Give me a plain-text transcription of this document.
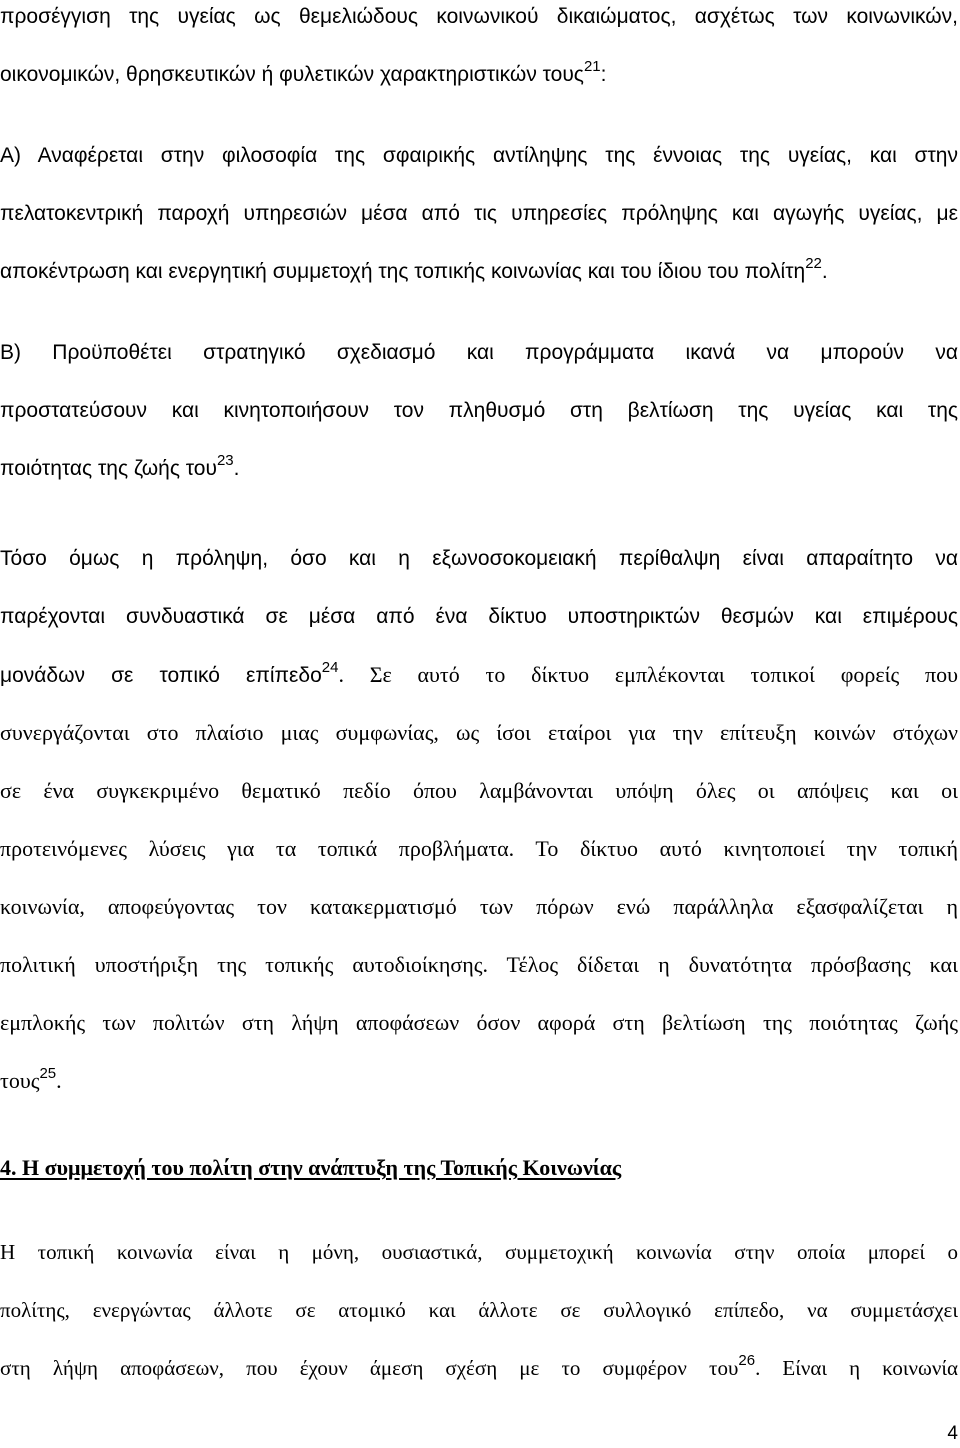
προσέγγιση της υγείας ως θεμελιώδους κοινωνικού δικαιώματος, ασχέτως των κοινωνικών,
οικονομικών, θρησκευτικών ή φυλετικών χαρακτηριστικών τους$^{21}$:
Α) Αναφέρεται στην φιλοσοφία της σφαιρικής αντίληψης της έννοιας της υγείας, και στην
πελατοκεντρική παροχή υπηρεσιών μέσα από τις υπηρεσίες πρόληψης και αγωγής υγείας, με
αποκέντρωση και ενεργητική συμμετοχή της τοπικής κοινωνίας και του ίδιου του πολίτη$^{22}$.
Β) Προϋποθέτει στρατηγικό σχεδιασμό και προγράμματα ικανά να μπορούν να
προστατεύσουν και κινητοποιήσουν τον πληθυσμό στη βελτίωση της υγείας και της
ποιότητας της ζωής του$^{23}$.
Τόσο όμως η πρόληψη, όσο και η εξωνοσοκομειακή περίθαλψη είναι απαραίτητο να
παρέχονται συνδυαστικά σε μέσα από ένα δίκτυο υποστηρικτών θεσμών και επιμέρους
μονάδων σε τοπικό επίπεδο$^{24}$. Σε αυτό το δίκτυο εμπλέκονται τοπικοί φορείς που
συνεργάζονται στο πλαίσιο μιας συμφωνίας, ως ίσοι εταίροι για την επίτευξη κοινών στόχων
σε ένα συγκεκριμένο θεματικό πεδίο όπου λαμβάνονται υπόψη όλες οι απόψεις και οι
προτεινόμενες λύσεις για τα τοπικά προβλήματα. Το δίκτυο αυτό κινητοποιεί την τοπική
κοινωνία, αποφεύγοντας τον κατακερματισμό των πόρων ενώ παράλληλα εξασφαλίζεται η
πολιτική υποστήριξη της τοπικής αυτοδιοίκησης. Τέλος δίδεται η δυνατότητα πρόσβασης και
εμπλοκής των πολιτών στη λήψη αποφάσεων όσον αφορά στη βελτίωση της ποιότητας ζωής
τους$^{25}$.
4. Η συμμετοχή του πολίτη στην ανάπτυξη της Τοπικής Κοινωνίας
Η τοπική κοινωνία είναι η μόνη, ουσιαστικά, συμμετοχική κοινωνία στην οποία μπορεί ο
πολίτης, ενεργώντας άλλοτε σε ατομικό και άλλοτε σε συλλογικό επίπεδο, να συμμετάσχει
στη λήψη αποφάσεων, που έχουν άμεση σχέση με το συμφέρον του$^{26}$. Είναι η κοινωνία
4
